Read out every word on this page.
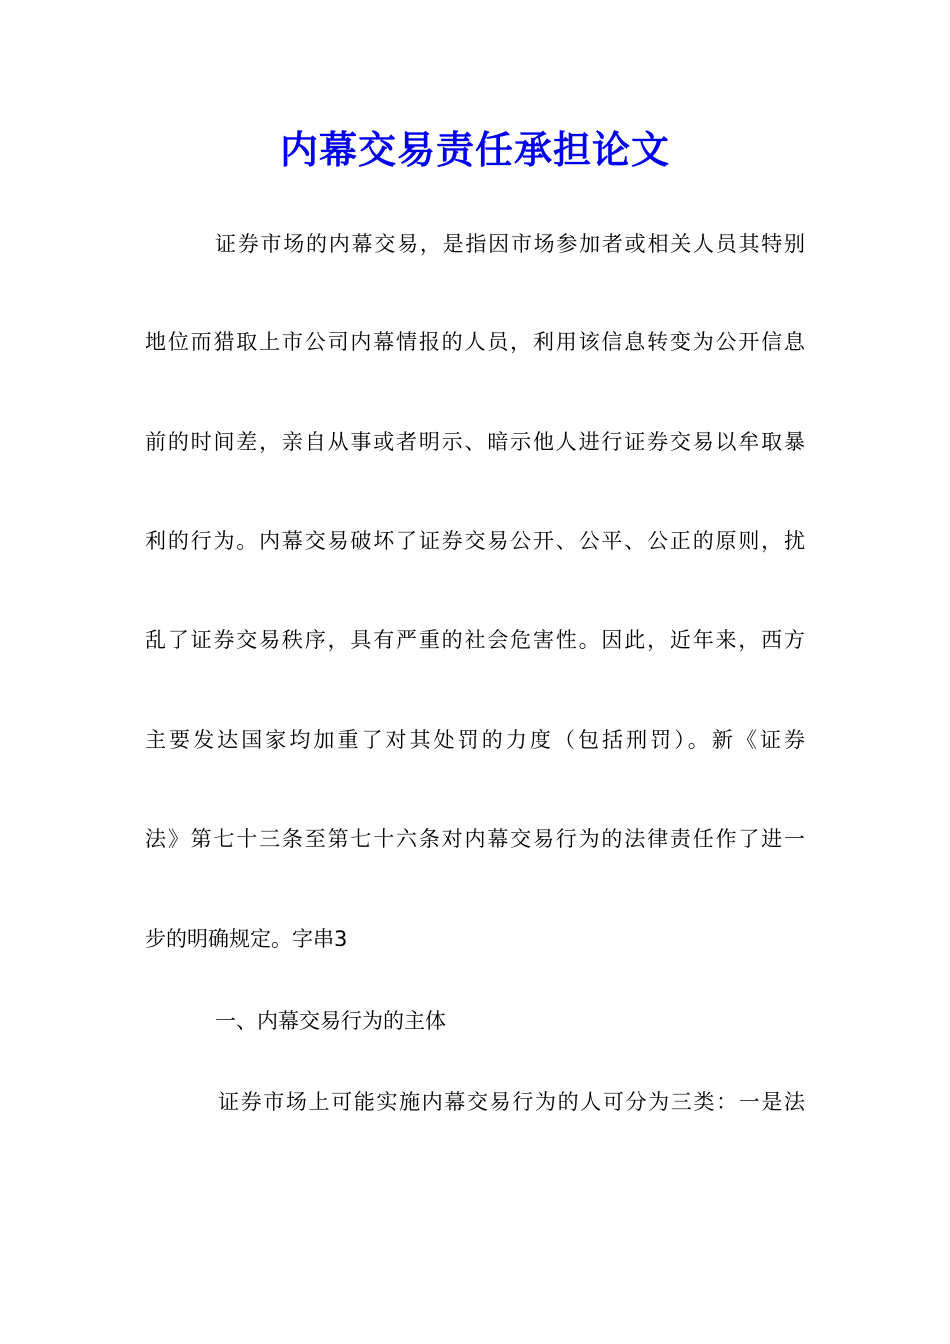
内幕交易责任承担论文
证券市场的内幕交易，是指因市场参加者或相关人员其特别
地位而猎取上市公司内幕情报的人员，利用该信息转变为公开信息
前的时间差，亲自从事或者明示、暗示他人进行证券交易以牟取暴
利的行为。内幕交易破坏了证券交易公开、公平、公正的原则，扰
乱了证券交易秩序，具有严重的社会危害性。因此，近年来，西方
主要发达国家均加重了对其处罚的力度（包括刑罚）。新《证券
法》第七十三条至第七十六条对内幕交易行为的法律责任作了进一
步的明确规定。字串3
一、内幕交易行为的主体
证券市场上可能实施内幕交易行为的人可分为三类：一是法
